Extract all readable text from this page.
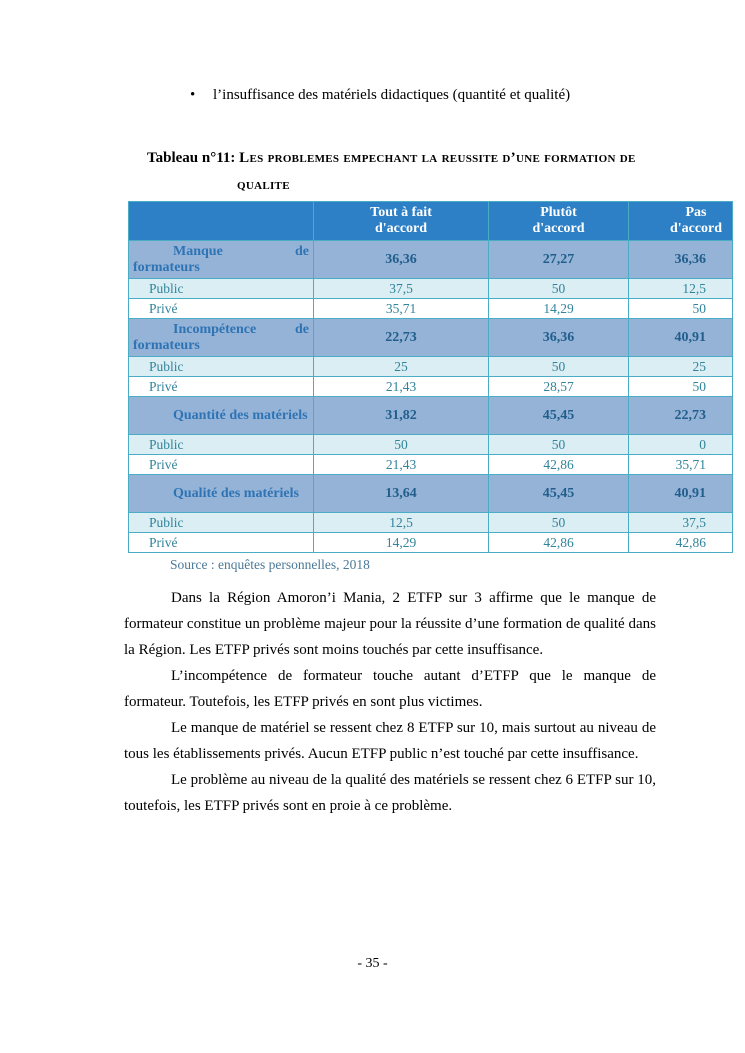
• l’insuffisance des matériels didactiques (quantité et qualité)
Tableau n°11: Les problemes empechant la reussite d’une formation de
qualite
	Tout à fait d'accord	Plutôt d'accord	Pas d'accord
Manque de formateurs	36,36	27,27	36,36
Public	37,5	50	12,5
Privé	35,71	14,29	50
Incompétence de formateurs	22,73	36,36	40,91
Public	25	50	25
Privé	21,43	28,57	50
Quantité des matériels	31,82	45,45	22,73
Public	50	50	0
Privé	21,43	42,86	35,71
Qualité des matériels	13,64	45,45	40,91
Public	12,5	50	37,5
Privé	14,29	42,86	42,86
Source : enquêtes personnelles, 2018

Dans la Région Amoron’i Mania, 2 ETFP sur 3 affirme que le manque de formateur constitue un problème majeur pour la réussite d’une formation de qualité dans la Région. Les ETFP privés sont moins touchés par cette insuffisance.

L’incompétence de formateur touche autant d’ETFP que le manque de formateur. Toutefois, les ETFP privés en sont plus victimes.

Le manque de matériel se ressent chez 8 ETFP sur 10, mais surtout au niveau de tous les établissements privés. Aucun ETFP public n’est touché par cette insuffisance.

Le problème au niveau de la qualité des matériels se ressent chez 6 ETFP sur 10, toutefois, les ETFP privés sont en proie à ce problème.

- 35 -
